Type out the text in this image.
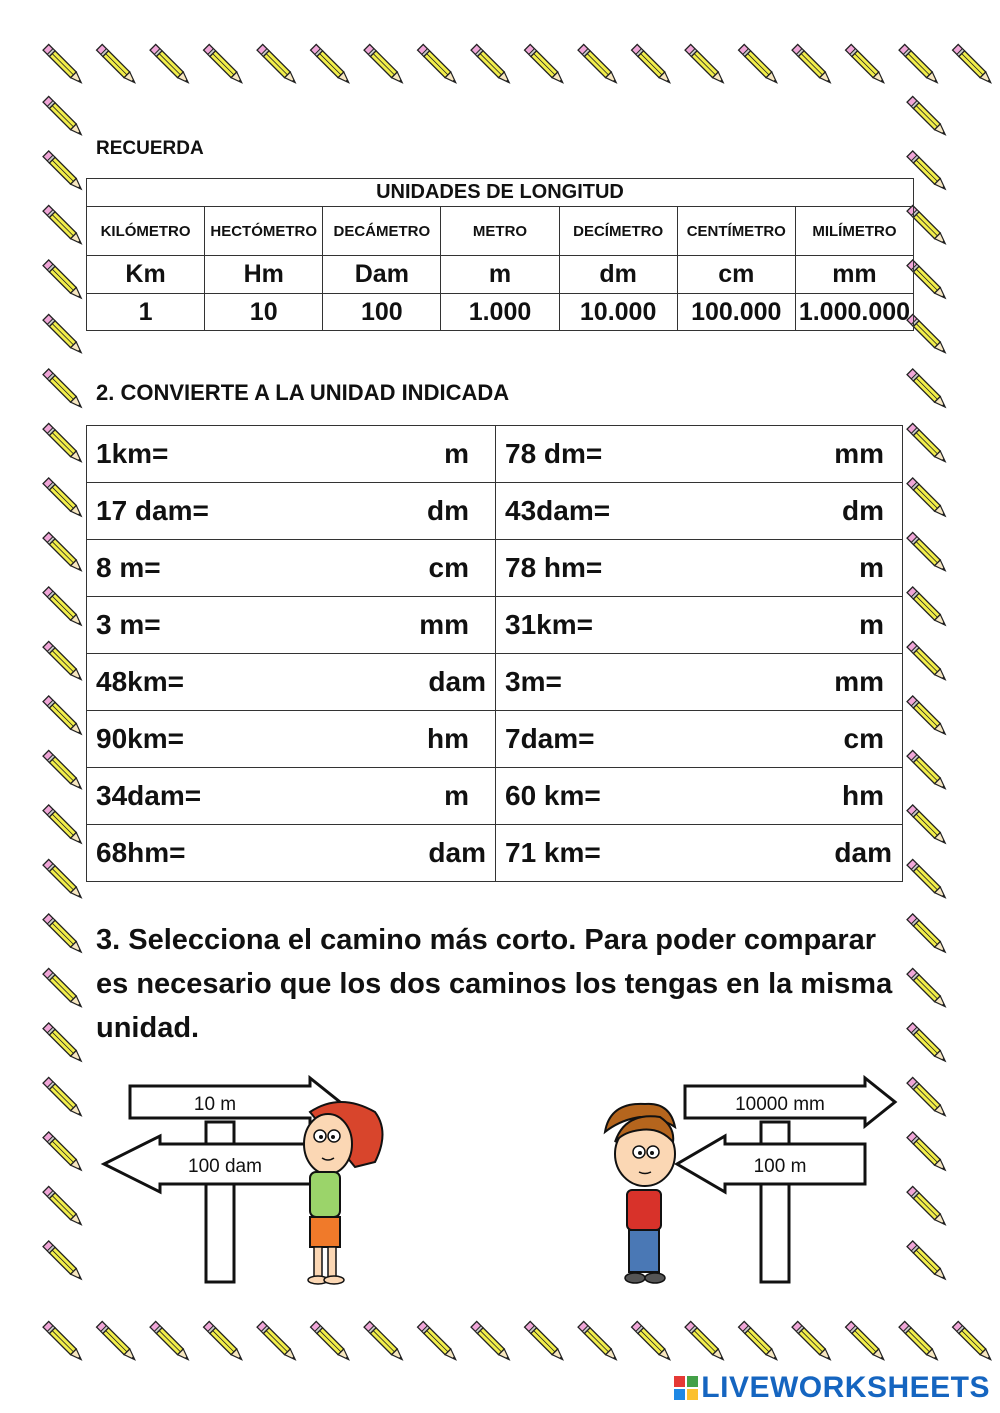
RECUERDA
UNIDADES DE LONGITUD						
KILÓMETRO	HECTÓMETRO	DECÁMETRO	METRO	DECÍMETRO	CENTÍMETRO	MILÍMETRO
Km	Hm	Dam	m	dm	cm	mm
1	10	100	1.000	10.000	100.000	1.000.000
2. CONVIERTE A LA UNIDAD INDICADA
1km= m	78 dm= mm

17 dam= dm	43dam= dm

8 m= cm	78 hm= m

3 m= mm	31km= m

48km= dam	3m= mm

90km= hm	7dam= cm

34dam= m	60 km= hm

68hm= dam	71 km= dam
3. Selecciona el camino más corto. Para poder comparar es necesario que los dos caminos los tengas en la misma unidad.
10 m
100 dam
10000 mm
100 m
LIVEWORKSHEETS
